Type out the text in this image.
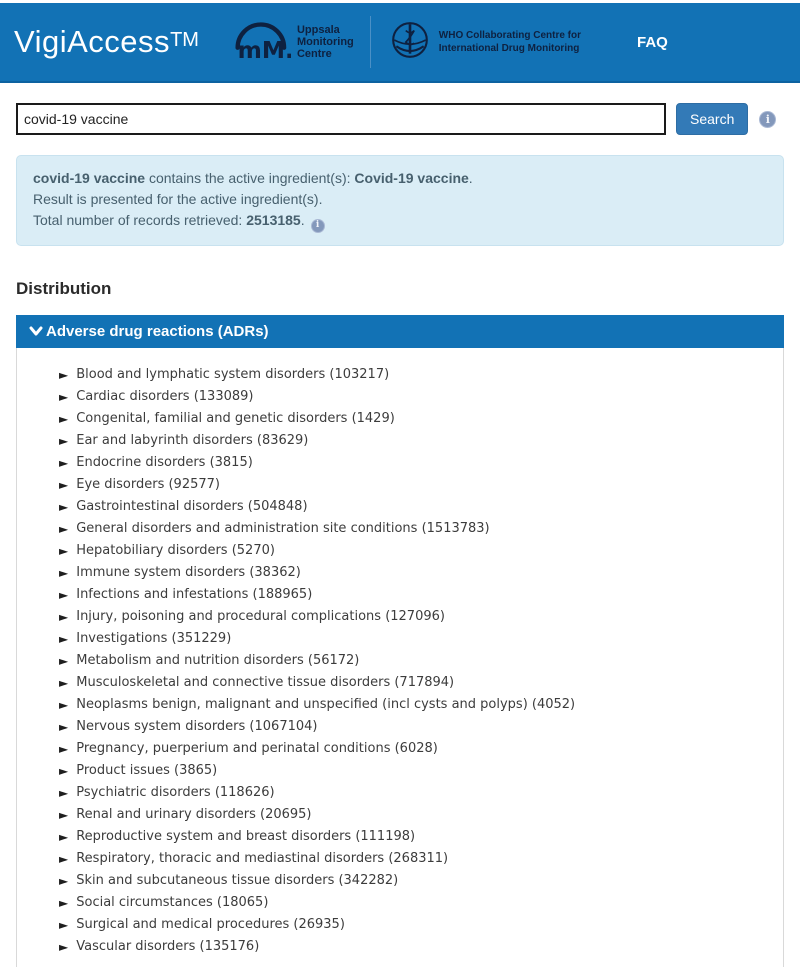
VigiAccessTM mM.
Uppsala
Monitoring
Centre
WHO Collaborating Centre for
International Drug Monitoring	FAQ
covid-19 vaccine
Search	i

covid-19 vaccine contains the active ingredient(s): Covid-19 vaccine.

Result is presented for the active ingredient(s).

Total number of records retrieved: 2513185. i

Distribution
Adverse drug reactions (ADRs)
► Blood and lymphatic system disorders (103217)
► Cardiac disorders (133089)
► Congenital, familial and genetic disorders (1429)
► Ear and labyrinth disorders (83629)
► Endocrine disorders (3815)
► Eye disorders (92577)
► Gastrointestinal disorders (504848)
► General disorders and administration site conditions (1513783)
► Hepatobiliary disorders (5270)
► Immune system disorders (38362)
► Infections and infestations (188965)
► Injury, poisoning and procedural complications (127096)
► Investigations (351229)
► Metabolism and nutrition disorders (56172)
► Musculoskeletal and connective tissue disorders (717894)
► Neoplasms benign, malignant and unspecified (incl cysts and polyps) (4052)
► Nervous system disorders (1067104)
► Pregnancy, puerperium and perinatal conditions (6028)
► Product issues (3865)
► Psychiatric disorders (118626)
► Renal and urinary disorders (20695)
► Reproductive system and breast disorders (111198)
► Respiratory, thoracic and mediastinal disorders (268311)
► Skin and subcutaneous tissue disorders (342282)
► Social circumstances (18065)
► Surgical and medical procedures (26935)
► Vascular disorders (135176)
